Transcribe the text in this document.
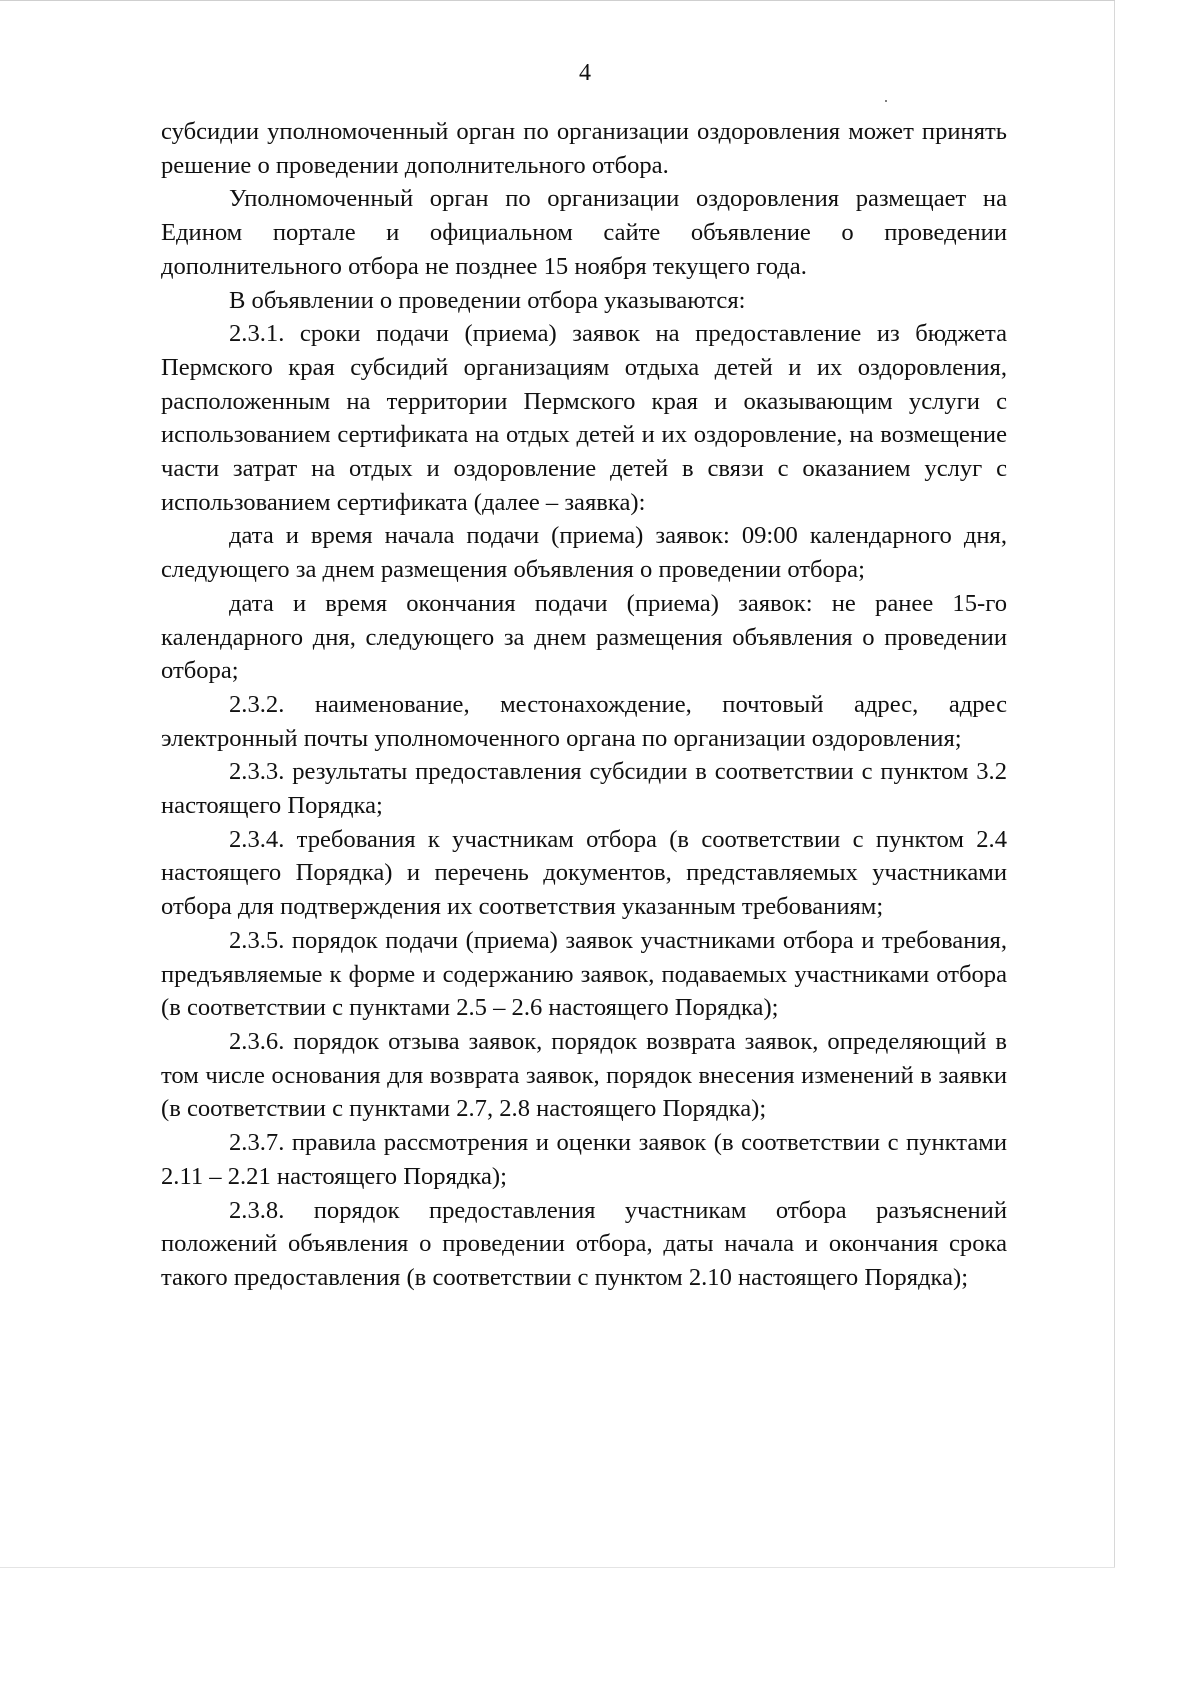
4

субсидии уполномоченный орган по организации оздоровления может принять решение о проведении дополнительного отбора.

Уполномоченный орган по организации оздоровления размещает на Едином портале и официальном сайте объявление о проведении дополнительного отбора не позднее 15 ноября текущего года.

В объявлении о проведении отбора указываются:

2.3.1. сроки подачи (приема) заявок на предоставление из бюджета Пермского края субсидий организациям отдыха детей и их оздоровления, расположенным на территории Пермского края и оказывающим услуги с использованием сертификата на отдых детей и их оздоровление, на возмещение части затрат на отдых и оздоровление детей в связи с оказанием услуг с использованием сертификата (далее – заявка):

дата и время начала подачи (приема) заявок: 09:00 календарного дня, следующего за днем размещения объявления о проведении отбора;

дата и время окончания подачи (приема) заявок: не ранее 15-го календарного дня, следующего за днем размещения объявления о проведении отбора;

2.3.2. наименование, местонахождение, почтовый адрес, адрес электронный почты уполномоченного органа по организации оздоровления;

2.3.3. результаты предоставления субсидии в соответствии с пунктом 3.2 настоящего Порядка;

2.3.4. требования к участникам отбора (в соответствии с пунктом 2.4 настоящего Порядка) и перечень документов, представляемых участниками отбора для подтверждения их соответствия указанным требованиям;

2.3.5. порядок подачи (приема) заявок участниками отбора и требования, предъявляемые к форме и содержанию заявок, подаваемых участниками отбора (в соответствии с пунктами 2.5 – 2.6 настоящего Порядка);

2.3.6. порядок отзыва заявок, порядок возврата заявок, определяющий в том числе основания для возврата заявок, порядок внесения изменений в заявки (в соответствии с пунктами 2.7, 2.8 настоящего Порядка);

2.3.7. правила рассмотрения и оценки заявок (в соответствии с пунктами 2.11 – 2.21 настоящего Порядка);

2.3.8. порядок предоставления участникам отбора разъяснений положений объявления о проведении отбора, даты начала и окончания срока такого предоставления (в соответствии с пунктом 2.10 настоящего Порядка);
